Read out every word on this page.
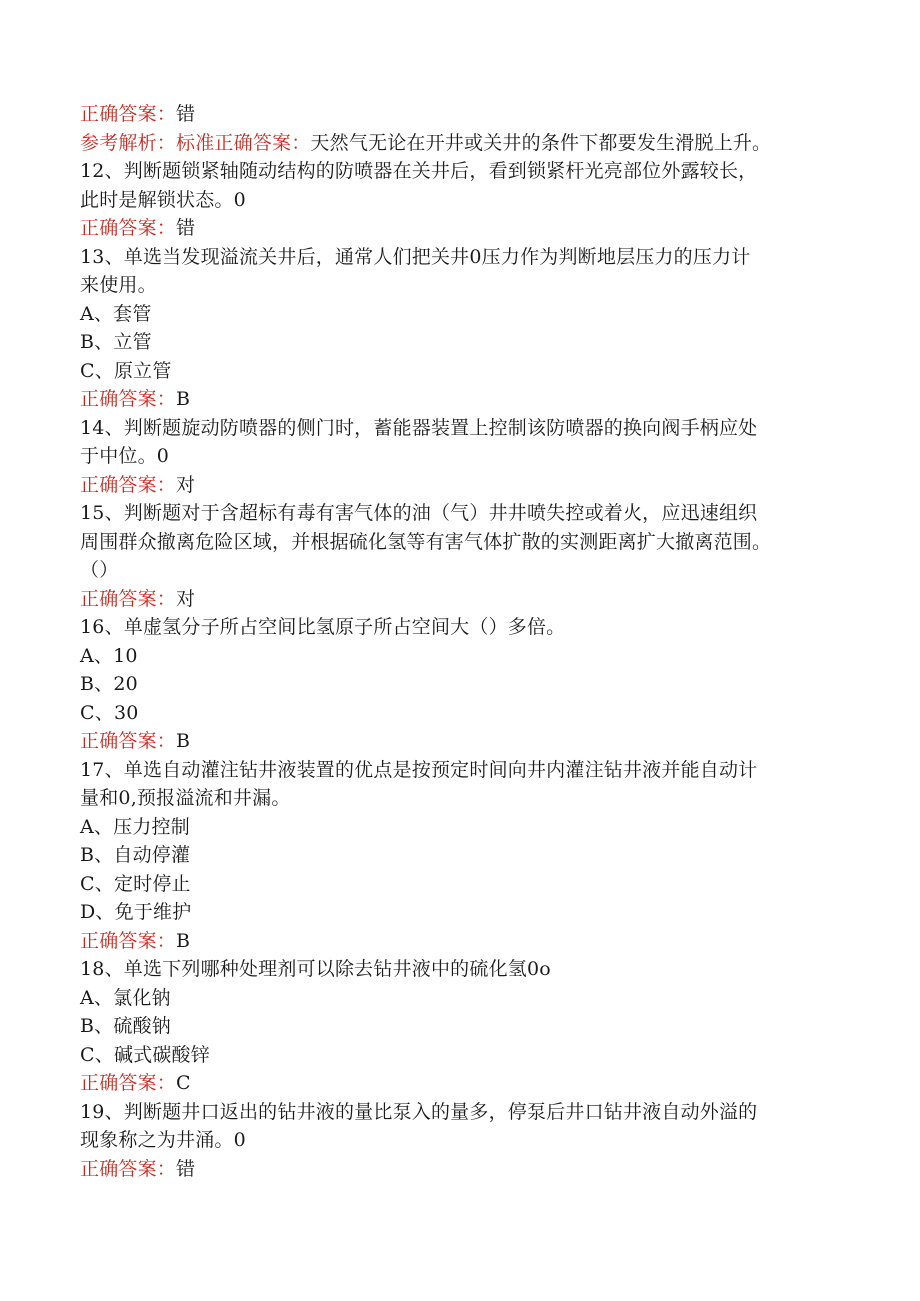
正确答案：错
参考解析：标准正确答案：天然气无论在开井或关井的条件下都要发生滑脱上升。
12、判断题锁紧轴随动结构的防喷器在关井后，看到锁紧杆光亮部位外露较长，
此时是解锁状态。0
正确答案：错
13、单选当发现溢流关井后，通常人们把关井0压力作为判断地层压力的压力计
来使用。
A、套管
B、立管
C、原立管
正确答案：B
14、判断题旋动防喷器的侧门时，蓄能器装置上控制该防喷器的换向阀手柄应处
于中位。0
正确答案：对
15、判断题对于含超标有毒有害气体的油（气）井井喷失控或着火，应迅速组织
周围群众撤离危险区域，并根据硫化氢等有害气体扩散的实测距离扩大撤离范围。
（）
正确答案：对
16、单虚氢分子所占空间比氢原子所占空间大（）多倍。
A、10
B、20
C、30
正确答案：B
17、单选自动灌注钻井液装置的优点是按预定时间向井内灌注钻井液并能自动计
量和0,预报溢流和井漏。
A、压力控制
B、自动停灌
C、定时停止
D、免于维护
正确答案：B
18、单选下列哪种处理剂可以除去钻井液中的硫化氢0o
A、氯化钠
B、硫酸钠
C、碱式碳酸锌
正确答案：C
19、判断题井口返出的钻井液的量比泵入的量多，停泵后井口钻井液自动外溢的
现象称之为井涌。0
正确答案：错
